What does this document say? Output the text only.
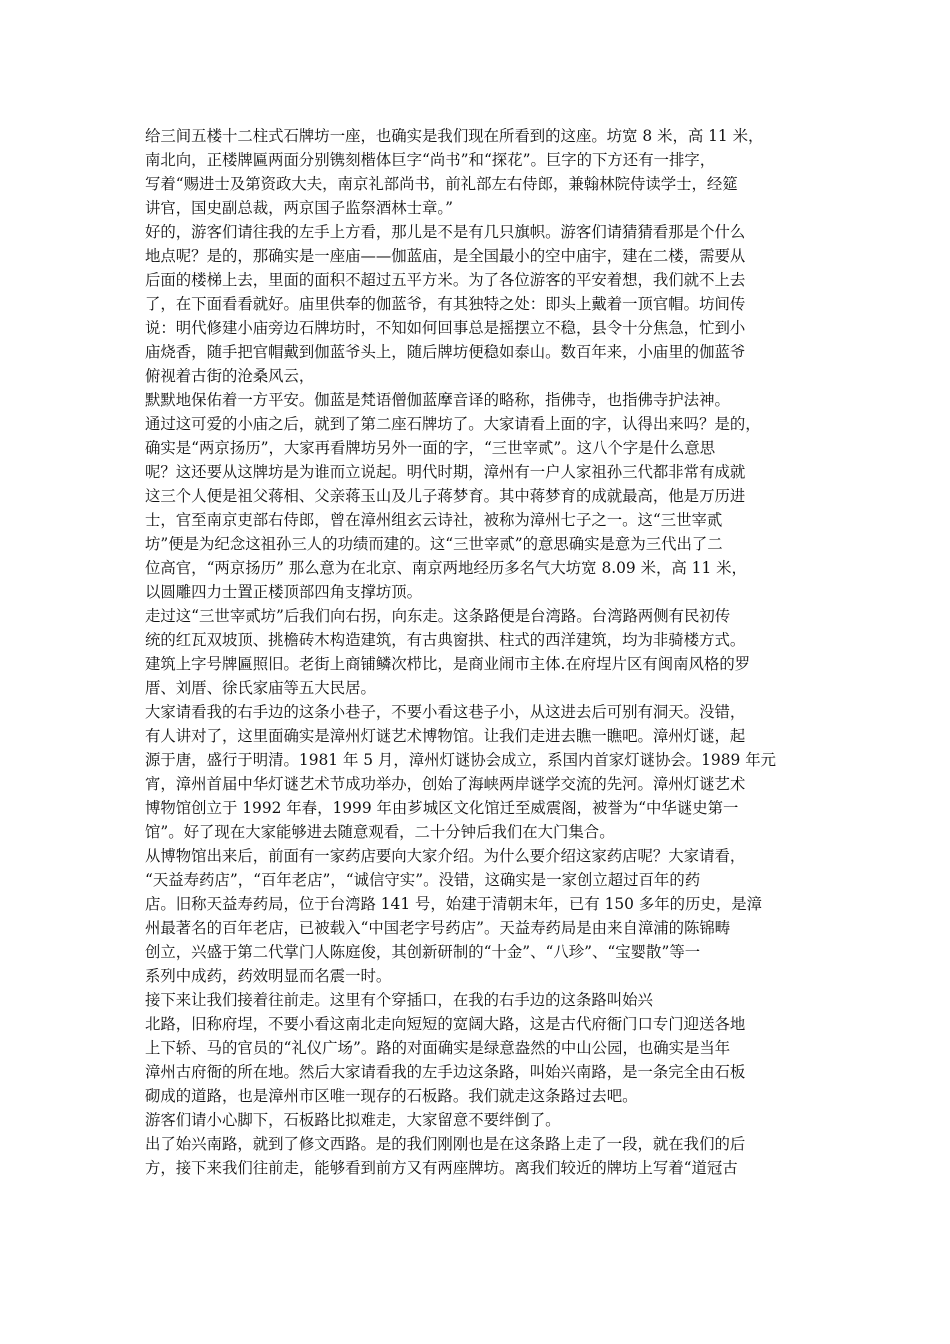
给三间五楼十二柱式石牌坊一座，也确实是我们现在所看到的这座。坊宽 8 米，高 11 米，
南北向，正楼牌匾两面分别镌刻楷体巨字“尚书”和“探花”。巨字的下方还有一排字，
写着“赐进士及第资政大夫，南京礼部尚书，前礼部左右侍郎，兼翰林院侍读学士，经筵
讲官，国史副总裁，两京国子监祭酒林士章。”
好的，游客们请往我的左手上方看，那儿是不是有几只旗帜。游客们请猜猜看那是个什么
地点呢？是的，那确实是一座庙——伽蓝庙，是全国最小的空中庙宇，建在二楼，需要从
后面的楼梯上去，里面的面积不超过五平方米。为了各位游客的平安着想，我们就不上去
了，在下面看看就好。庙里供奉的伽蓝爷，有其独特之处：即头上戴着一顶官帽。坊间传
说：明代修建小庙旁边石牌坊时，不知如何回事总是摇摆立不稳，县令十分焦急，忙到小
庙烧香，随手把官帽戴到伽蓝爷头上，随后牌坊便稳如泰山。数百年来，小庙里的伽蓝爷
俯视着古街的沧桑风云，
默默地保佑着一方平安。伽蓝是梵语僧伽蓝摩音译的略称，指佛寺，也指佛寺护法神。
通过这可爱的小庙之后，就到了第二座石牌坊了。大家请看上面的字，认得出来吗？是的，
确实是“两京扬历”，大家再看牌坊另外一面的字，“三世宰贰”。这八个字是什么意思
呢？这还要从这牌坊是为谁而立说起。明代时期，漳州有一户人家祖孙三代都非常有成就
这三个人便是祖父蒋相、父亲蒋玉山及儿子蒋梦育。其中蒋梦育的成就最高，他是万历进
士，官至南京吏部右侍郎，曾在漳州组玄云诗社，被称为漳州七子之一。这“三世宰贰
坊”便是为纪念这祖孙三人的功绩而建的。这“三世宰贰”的意思确实是意为三代出了二
位高官，“两京扬历” 那么意为在北京、南京两地经历多名气大坊宽 8.09 米，高 11 米，
以圆雕四力士置正楼顶部四角支撑坊顶。
走过这“三世宰贰坊”后我们向右拐，向东走。这条路便是台湾路。台湾路两侧有民初传
统的红瓦双坡顶、挑檐砖木构造建筑，有古典窗拱、柱式的西洋建筑，均为非骑楼方式。
建筑上字号牌匾照旧。老街上商铺鳞次栉比，是商业闹市主体.在府埕片区有闽南风格的罗
厝、刘厝、徐氏家庙等五大民居。
大家请看我的右手边的这条小巷子，不要小看这巷子小，从这进去后可别有洞天。没错，
有人讲对了，这里面确实是漳州灯谜艺术博物馆。让我们走进去瞧一瞧吧。漳州灯谜，起
源于唐，盛行于明清。1981 年 5 月，漳州灯谜协会成立，系国内首家灯谜协会。1989 年元
宵，漳州首届中华灯谜艺术节成功举办，创始了海峡两岸谜学交流的先河。漳州灯谜艺术
博物馆创立于 1992 年春，1999 年由芗城区文化馆迁至威震阁，被誉为“中华谜史第一
馆”。好了现在大家能够进去随意观看，二十分钟后我们在大门集合。
从博物馆出来后，前面有一家药店要向大家介绍。为什么要介绍这家药店呢？大家请看，
“天益寿药店”，“百年老店”，“诚信守实”。没错，这确实是一家创立超过百年的药
店。旧称天益寿药局，位于台湾路 141 号，始建于清朝末年，已有 150 多年的历史，是漳
州最著名的百年老店，已被载入“中国老字号药店”。天益寿药局是由来自漳浦的陈锦畴
创立，兴盛于第二代掌门人陈庭俊，其创新研制的“十金”、“八珍”、“宝婴散”等一
系列中成药，药效明显而名震一时。
接下来让我们接着往前走。这里有个穿插口，在我的右手边的这条路叫始兴
北路，旧称府埕，不要小看这南北走向短短的宽阔大路，这是古代府衙门口专门迎送各地
上下轿、马的官员的“礼仪广场”。路的对面确实是绿意盎然的中山公园，也确实是当年
漳州古府衙的所在地。然后大家请看我的左手边这条路，叫始兴南路，是一条完全由石板
砌成的道路，也是漳州市区唯一现存的石板路。我们就走这条路过去吧。
游客们请小心脚下，石板路比拟难走，大家留意不要绊倒了。
出了始兴南路，就到了修文西路。是的我们刚刚也是在这条路上走了一段，就在我们的后
方，接下来我们往前走，能够看到前方又有两座牌坊。离我们较近的牌坊上写着“道冠古
